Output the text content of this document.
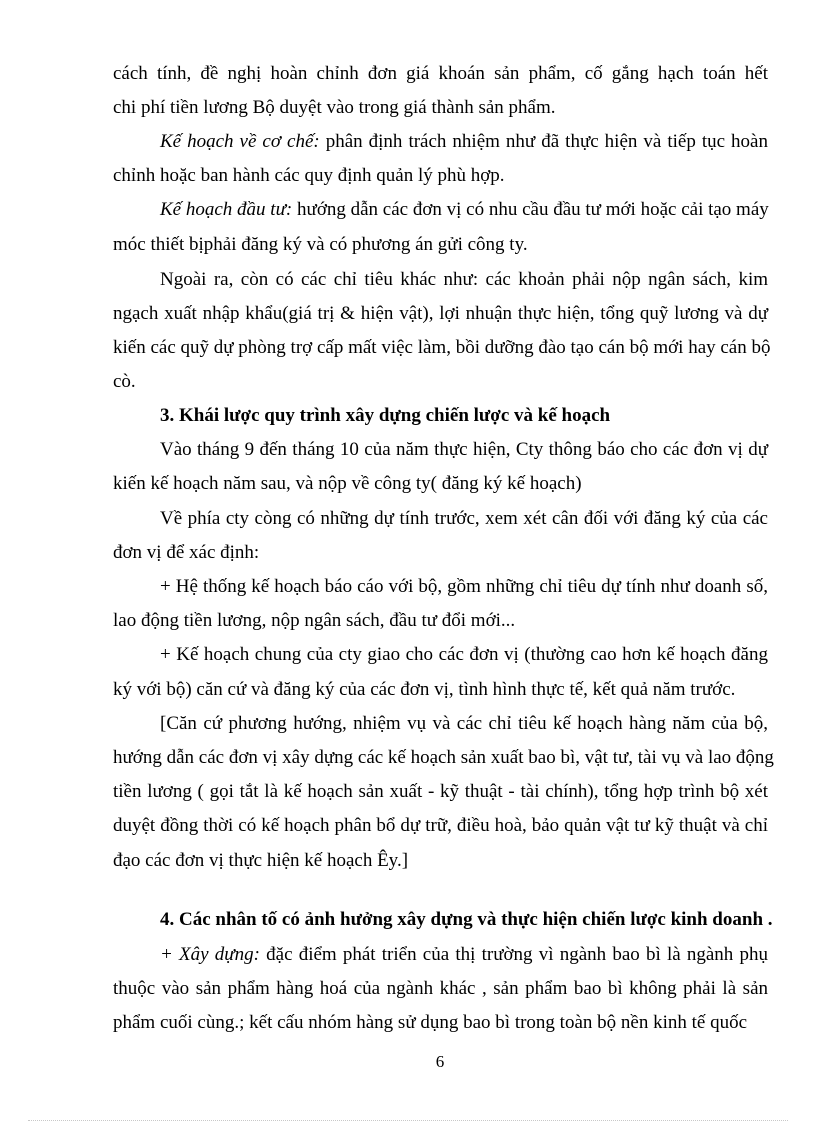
cách tính, đề nghị hoàn chỉnh đơn giá khoán sản phẩm, cố gắng hạch toán hết
chi phí tiền lương Bộ duyệt vào trong giá thành sản phẩm.
Kế hoạch về cơ chế: phân định trách nhiệm như đã thực hiện và tiếp tục hoàn
chỉnh hoặc ban hành các quy định quản lý phù hợp.
Kế hoạch đầu tư: hướng dẫn các đơn vị có nhu cầu đầu tư mới hoặc cải tạo máy
móc thiết bịphải đăng ký và có phương án gửi công ty.
Ngoài ra, còn có các chỉ tiêu khác như: các khoản phải nộp ngân sách, kim
ngạch xuất nhập khẩu(giá trị & hiện vật), lợi nhuận thực hiện, tổng quỹ lương và dự
kiến các quỹ dự phòng trợ cấp mất việc làm, bồi dưỡng đào tạo cán bộ mới hay cán bộ
cò.
3. Khái lược quy trình xây dựng chiến lược và kế hoạch
Vào tháng 9 đến tháng 10 của năm thực hiện, Cty thông báo cho các đơn vị dự
kiến kế hoạch năm sau, và nộp về công ty( đăng ký kế hoạch)
Về phía cty còng có những dự tính trước, xem xét cân đối với đăng ký của các
đơn vị để xác định:
+ Hệ thống kế hoạch báo cáo với bộ, gồm những chỉ tiêu dự tính như doanh số,
lao động tiền lương, nộp ngân sách, đầu tư đổi mới...
+ Kế hoạch chung của cty giao cho các đơn vị (thường cao hơn kế hoạch đăng
ký với bộ) căn cứ và đăng ký của các đơn vị, tình hình thực tế, kết quả năm trước.
[Căn cứ phương hướng, nhiệm vụ và các chỉ tiêu kế hoạch hàng năm của bộ,
hướng dẫn các đơn vị xây dựng các kế hoạch sản xuất bao bì, vật tư, tài vụ và lao động
tiền lương ( gọi tắt là kế hoạch sản xuất - kỹ thuật - tài chính), tổng hợp trình bộ xét
duyệt đồng thời có kế hoạch phân bổ dự trữ, điều hoà, bảo quản vật tư kỹ thuật và chỉ
đạo các đơn vị thực hiện kế hoạch Êy.]
4. Các nhân tố có ảnh hưởng xây dựng và thực hiện chiến lược kinh doanh .
+ Xây dựng: đặc điểm phát triển của thị trường vì ngành bao bì là ngành phụ
thuộc vào sản phẩm hàng hoá của ngành khác , sản phẩm bao bì không phải là sản
phẩm cuối cùng.; kết cấu nhóm hàng sử dụng bao bì trong toàn bộ nền kinh tế quốc
6
